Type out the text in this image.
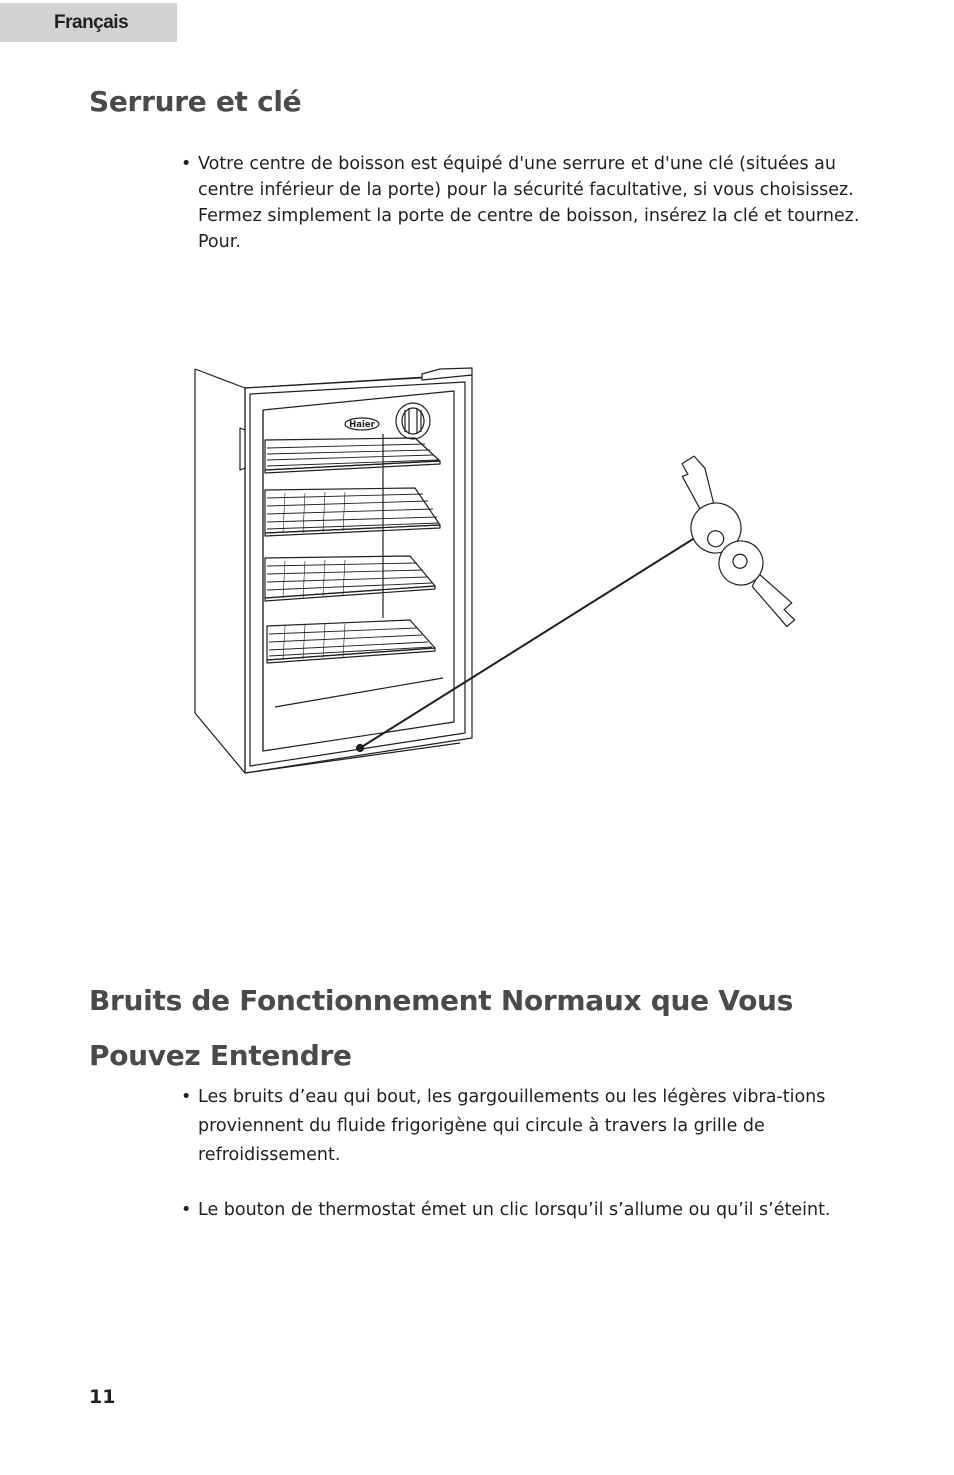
Français
Serrure et clé
• Votre centre de boisson est équipé d'une serrure et d'une clé (situées au centre inférieur de la porte) pour la sécurité facultative, si vous choisissez. Fermez simplement la porte de centre de boisson, insérez la clé et tournez. Pour.
Haier
Bruits de Fonctionnement Normaux que Vous Pouvez Entendre
• Les bruits d’eau qui bout, les gargouillements ou les légères vibra-tions proviennent du fluide frigorigène qui circule à travers la grille de refroidissement.
• Le bouton de thermostat émet un clic lorsqu’il s’allume ou qu’il s’éteint.
11
